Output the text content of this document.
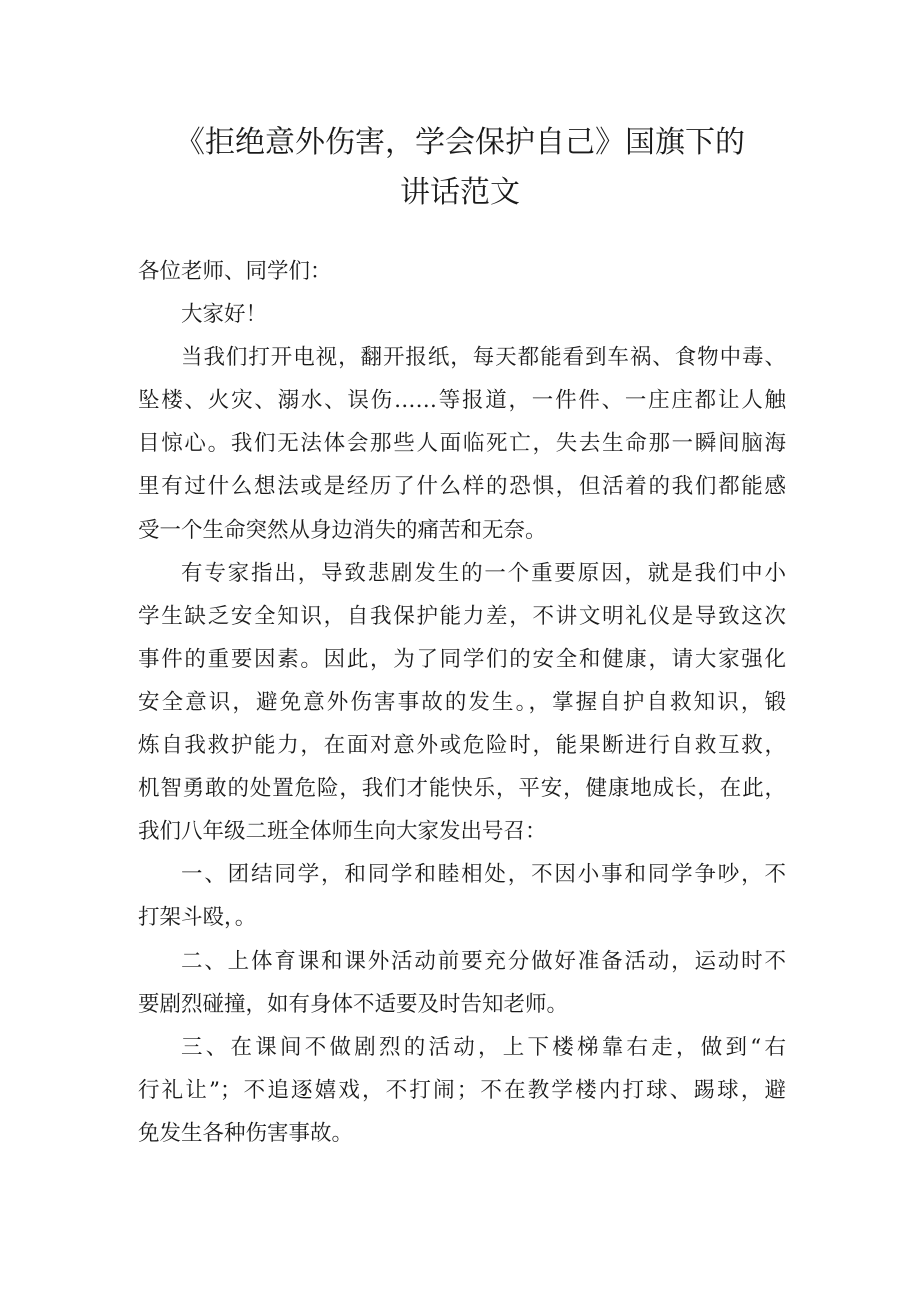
《拒绝意外伤害，学会保护自己》国旗下的
讲话范文

各位老师、同学们：

大家好！

当我们打开电视，翻开报纸，每天都能看到车祸、食物中毒、
坠楼、火灾、溺水、误伤……等报道，一件件、一庄庄都让人触
目惊心。我们无法体会那些人面临死亡，失去生命那一瞬间脑海
里有过什么想法或是经历了什么样的恐惧，但活着的我们都能感
受一个生命突然从身边消失的痛苦和无奈。

有专家指出，导致悲剧发生的一个重要原因，就是我们中小
学生缺乏安全知识，自我保护能力差，不讲文明礼仪是导致这次
事件的重要因素。因此，为了同学们的安全和健康，请大家强化
安全意识，避免意外伤害事故的发生。，掌握自护自救知识，锻
炼自我救护能力，在面对意外或危险时，能果断进行自救互救，
机智勇敢的处置危险，我们才能快乐，平安，健康地成长，在此，
我们八年级二班全体师生向大家发出号召：

一、团结同学，和同学和睦相处，不因小事和同学争吵，不
打架斗殴，。

二、上体育课和课外活动前要充分做好准备活动，运动时不
要剧烈碰撞，如有身体不适要及时告知老师。

三、在课间不做剧烈的活动，上下楼梯靠右走，做到“右
行礼让”；不追逐嬉戏，不打闹；不在教学楼内打球、踢球，避
免发生各种伤害事故。
